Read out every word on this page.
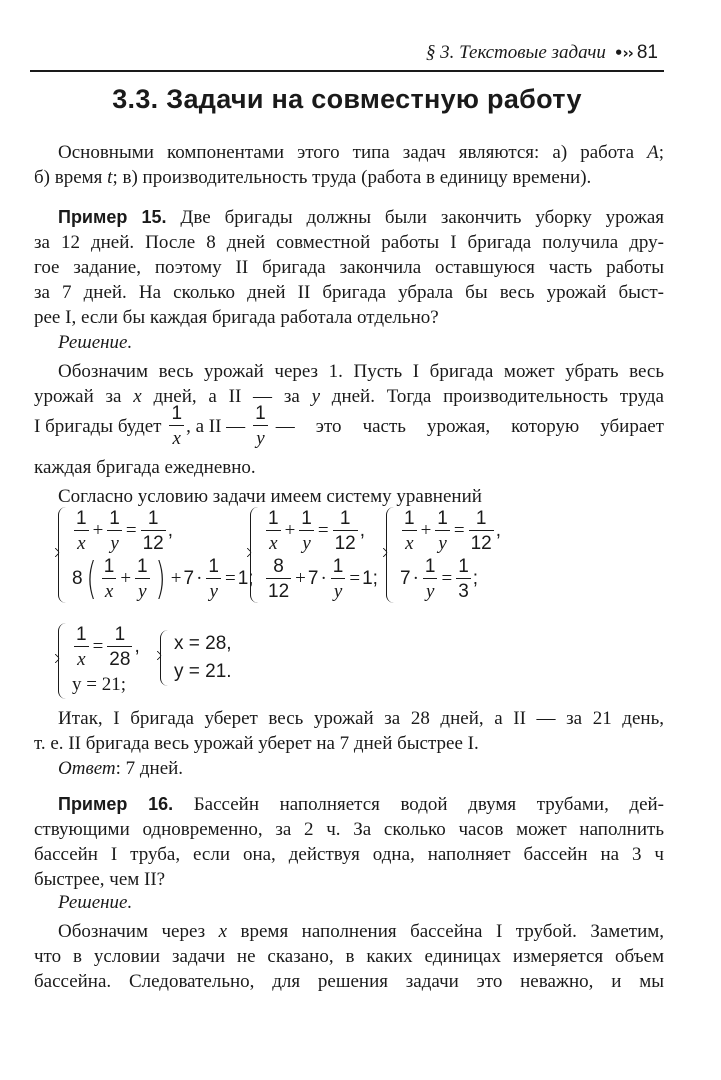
§ 3. Текстовые задачи •›› 81
3.3. Задачи на совместную работу
Основными компонентами этого типа задач являются: а) работа A;
б) время t; в) производительность труда (работа в единицу времени).
Пример 15. Две бригады должны были закончить уборку урожая
за 12 дней. После 8 дней совместной работы I бригада получила дру-
гое задание, поэтому II бригада закончила оставшуюся часть работы
за 7 дней. На сколько дней II бригада убрала бы весь урожай быст-
рее I, если бы каждая бригада работала отдельно?
Решение.
Обозначим весь урожай через 1. Пусть I бригада может убрать весь
урожай за x дней, а II — за y дней. Тогда производительность труда
I бригады будет $\frac{1}{x}$ , а II — $\frac{1}{y}$ — это часть урожая, которую убирает
каждая бригада ежедневно.
Согласно условию задачи имеем систему уравнений
$\frac{1}{x} + \frac{1}{y} = \frac{1}{12}$ ,
8 ( $\frac{1}{x} + \frac{1}{y}$ ) + $7 \cdot \frac{1}{y} = 1$;
$\frac{1}{x} + \frac{1}{y} = \frac{1}{12}$ ,
$\frac{8}{12} + 7 \cdot \frac{1}{y} = 1$;
$\frac{1}{x} + \frac{1}{y} = \frac{1}{12}$ ,
$7 \cdot \frac{1}{y} = \frac{1}{3}$ ;
$\frac{1}{x} = \frac{1}{28}$ ,
y = 21;
x = 28,
y = 21.
Итак, I бригада уберет весь урожай за 28 дней, а II — за 21 день,
т. е. II бригада весь урожай уберет на 7 дней быстрее I.
Ответ: 7 дней.
Пример 16. Бассейн наполняется водой двумя трубами, дей-
ствующими одновременно, за 2 ч. За сколько часов может наполнить
бассейн I труба, если она, действуя одна, наполняет бассейн на 3 ч
быстрее, чем II?
Решение.
Обозначим через x время наполнения бассейна I трубой. Заметим,
что в условии задачи не сказано, в каких единицах измеряется объем
бассейна. Следовательно, для решения задачи это неважно, и мы
